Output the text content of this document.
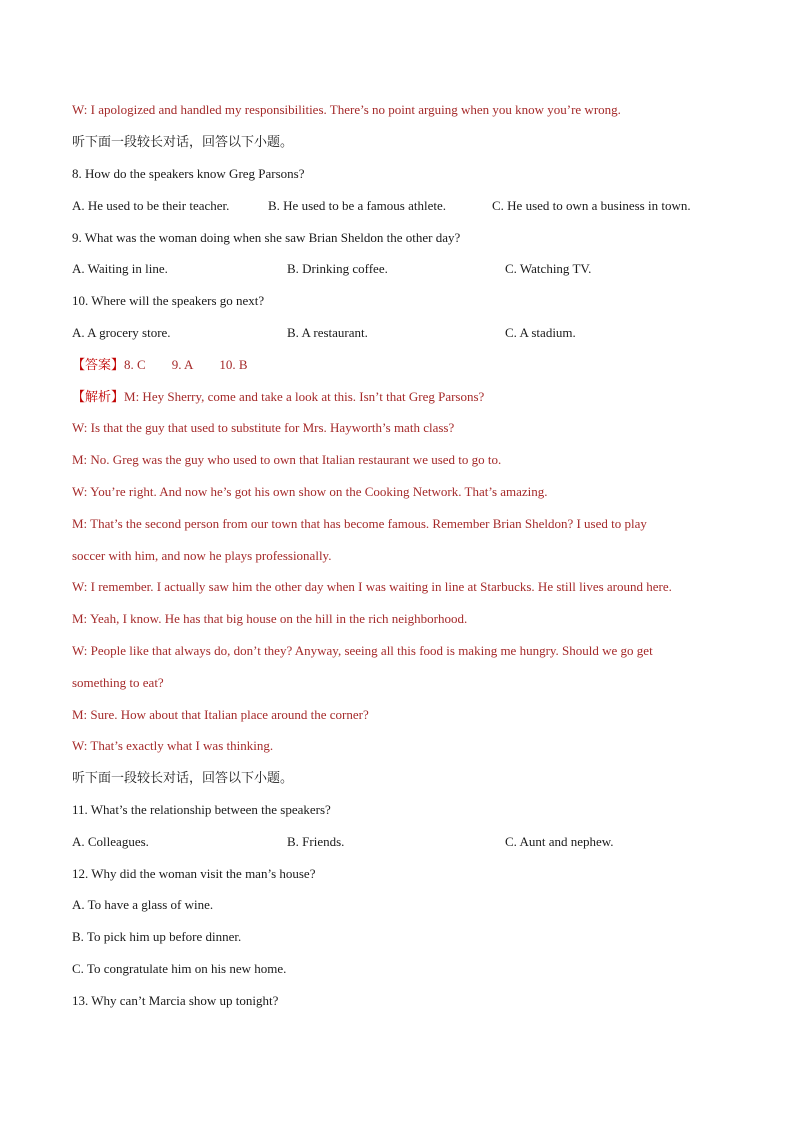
W: I apologized and handled my responsibilities. There’s no point arguing when you know you’re wrong.
听下面一段较长对话，回答以下小题。
8. How do the speakers know Greg Parsons?
A. He used to be their teacher.	B. He used to be a famous athlete.	C. He used to own a business in town.
9. What was the woman doing when she saw Brian Sheldon the other day?
A. Waiting in line.	B. Drinking coffee.	C. Watching TV.
10. Where will the speakers go next?
A. A grocery store.	B. A restaurant.	C. A stadium.
【答案】8. C 9. A 10. B
【解析】M: Hey Sherry, come and take a look at this. Isn’t that Greg Parsons?
W: Is that the guy that used to substitute for Mrs. Hayworth’s math class?
M: No. Greg was the guy who used to own that Italian restaurant we used to go to.
W: You’re right. And now he’s got his own show on the Cooking Network. That’s amazing.
M: That’s the second person from our town that has become famous. Remember Brian Sheldon? I used to play
soccer with him, and now he plays professionally.
W: I remember. I actually saw him the other day when I was waiting in line at Starbucks. He still lives around here.
M: Yeah, I know. He has that big house on the hill in the rich neighborhood.
W: People like that always do, don’t they? Anyway, seeing all this food is making me hungry. Should we go get
something to eat?
M: Sure. How about that Italian place around the corner?
W: That’s exactly what I was thinking.
听下面一段较长对话，回答以下小题。
11. What’s the relationship between the speakers?
A. Colleagues.	B. Friends.	C. Aunt and nephew.
12. Why did the woman visit the man’s house?
A. To have a glass of wine.
B. To pick him up before dinner.
C. To congratulate him on his new home.
13. Why can’t Marcia show up tonight?
